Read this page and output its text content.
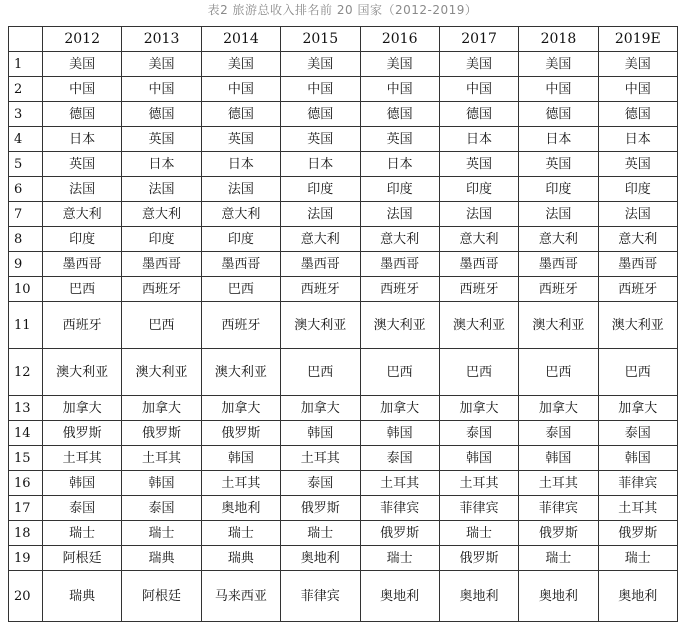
表2 旅游总收入排名前 20 国家（2012-2019）
	2012	2013	2014	2015	2016	2017	2018	2019E
1	美国	美国	美国	美国	美国	美国	美国	美国
2	中国	中国	中国	中国	中国	中国	中国	中国
3	德国	德国	德国	德国	德国	德国	德国	德国
4	日本	英国	英国	英国	英国	日本	日本	日本
5	英国	日本	日本	日本	日本	英国	英国	英国
6	法国	法国	法国	印度	印度	印度	印度	印度
7	意大利	意大利	意大利	法国	法国	法国	法国	法国
8	印度	印度	印度	意大利	意大利	意大利	意大利	意大利
9	墨西哥	墨西哥	墨西哥	墨西哥	墨西哥	墨西哥	墨西哥	墨西哥
10	巴西	西班牙	巴西	西班牙	西班牙	西班牙	西班牙	西班牙
11	西班牙	巴西	西班牙	澳大利亚	澳大利亚	澳大利亚	澳大利亚	澳大利亚
12	澳大利亚	澳大利亚	澳大利亚	巴西	巴西	巴西	巴西	巴西
13	加拿大	加拿大	加拿大	加拿大	加拿大	加拿大	加拿大	加拿大
14	俄罗斯	俄罗斯	俄罗斯	韩国	韩国	泰国	泰国	泰国
15	土耳其	土耳其	韩国	土耳其	泰国	韩国	韩国	韩国
16	韩国	韩国	土耳其	泰国	土耳其	土耳其	土耳其	菲律宾
17	泰国	泰国	奥地利	俄罗斯	菲律宾	菲律宾	菲律宾	土耳其
18	瑞士	瑞士	瑞士	瑞士	俄罗斯	瑞士	俄罗斯	俄罗斯
19	阿根廷	瑞典	瑞典	奥地利	瑞士	俄罗斯	瑞士	瑞士
20	瑞典	阿根廷	马来西亚	菲律宾	奥地利	奥地利	奥地利	奥地利
